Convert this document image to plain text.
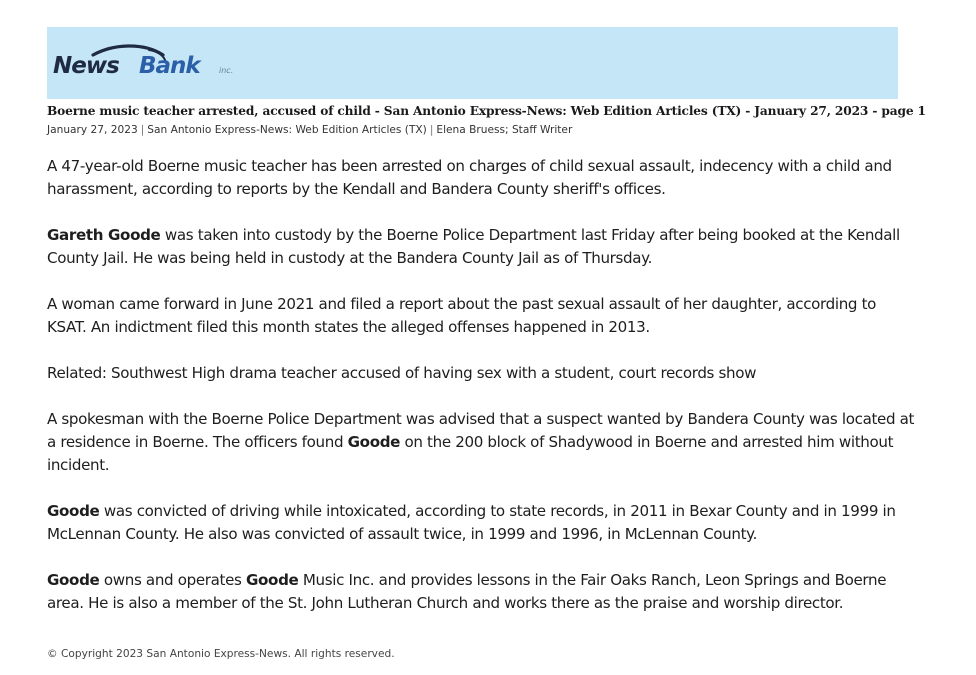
News Bank	inc.
Boerne music teacher arrested, accused of child - San Antonio Express-News: Web Edition Articles (TX) - January 27, 2023 - page 1
January 27, 2023 | San Antonio Express-News: Web Edition Articles (TX) | Elena Bruess; Staff Writer

A 47-year-old Boerne music teacher has been arrested on charges of child sexual assault, indecency with a child and harassment, according to reports by the Kendall and Bandera County sheriff's offices.

Gareth Goode was taken into custody by the Boerne Police Department last Friday after being booked at the Kendall County Jail. He was being held in custody at the Bandera County Jail as of Thursday.

A woman came forward in June 2021 and filed a report about the past sexual assault of her daughter, according to KSAT. An indictment filed this month states the alleged offenses happened in 2013.

Related: Southwest High drama teacher accused of having sex with a student, court records show

A spokesman with the Boerne Police Department was advised that a suspect wanted by Bandera County was located at a residence in Boerne. The officers found Goode on the 200 block of Shadywood in Boerne and arrested him without incident.

Goode was convicted of driving while intoxicated, according to state records, in 2011 in Bexar County and in 1999 in McLennan County. He also was convicted of assault twice, in 1999 and 1996, in McLennan County.

Goode owns and operates Goode Music Inc. and provides lessons in the Fair Oaks Ranch, Leon Springs and Boerne area. He is also a member of the St. John Lutheran Church and works there as the praise and worship director.

© Copyright 2023 San Antonio Express-News. All rights reserved.
